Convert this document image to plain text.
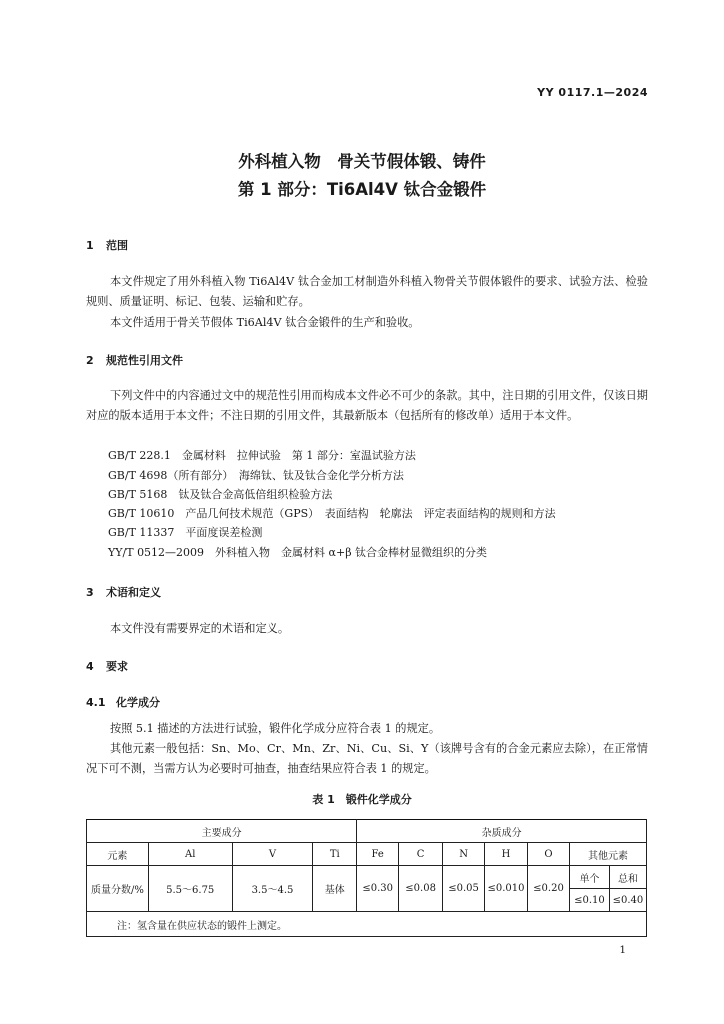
YY 0117.1—2024
外科植入物　骨关节假体锻、铸件
第 1 部分：Ti6Al4V 钛合金锻件
1 范围
本文件规定了用外科植入物 Ti6Al4V 钛合金加工材制造外科植入物骨关节假体锻件的要求、试验方法、检验规则、质量证明、标记、包装、运输和贮存。
本文件适用于骨关节假体 Ti6Al4V 钛合金锻件的生产和验收。
2 规范性引用文件
下列文件中的内容通过文中的规范性引用而构成本文件必不可少的条款。其中，注日期的引用文件，仅该日期对应的版本适用于本文件；不注日期的引用文件，其最新版本（包括所有的修改单）适用于本文件。
GB/T 228.1　金属材料　拉伸试验　第 1 部分：室温试验方法
GB/T 4698（所有部分）　海绵钛、钛及钛合金化学分析方法
GB/T 5168　钛及钛合金高低倍组织检验方法
GB/T 10610　产品几何技术规范（GPS）　表面结构　轮廓法　评定表面结构的规则和方法
GB/T 11337　平面度误差检测
YY/T 0512—2009　外科植入物　金属材料 α+β 钛合金棒材显微组织的分类
3 术语和定义
本文件没有需要界定的术语和定义。
4 要求
4.1 化学成分
按照 5.1 描述的方法进行试验，锻件化学成分应符合表 1 的规定。
其他元素一般包括：Sn、Mo、Cr、Mn、Zr、Ni、Cu、Si、Y（该牌号含有的合金元素应去除），在正常情况下可不测，当需方认为必要时可抽查，抽查结果应符合表 1 的规定。
表 1　锻件化学成分
主要成分				杂质成分						
元素	Al	V	Ti	Fe	C	N	H	O	其他元素	
质量分数/%	5.5～6.75	3.5～4.5	基体	≤0.30	≤0.08	≤0.05	≤0.010	≤0.20	单个	总和
									≤0.10	≤0.40
注：氢含量在供应状态的锻件上测定。										
1
